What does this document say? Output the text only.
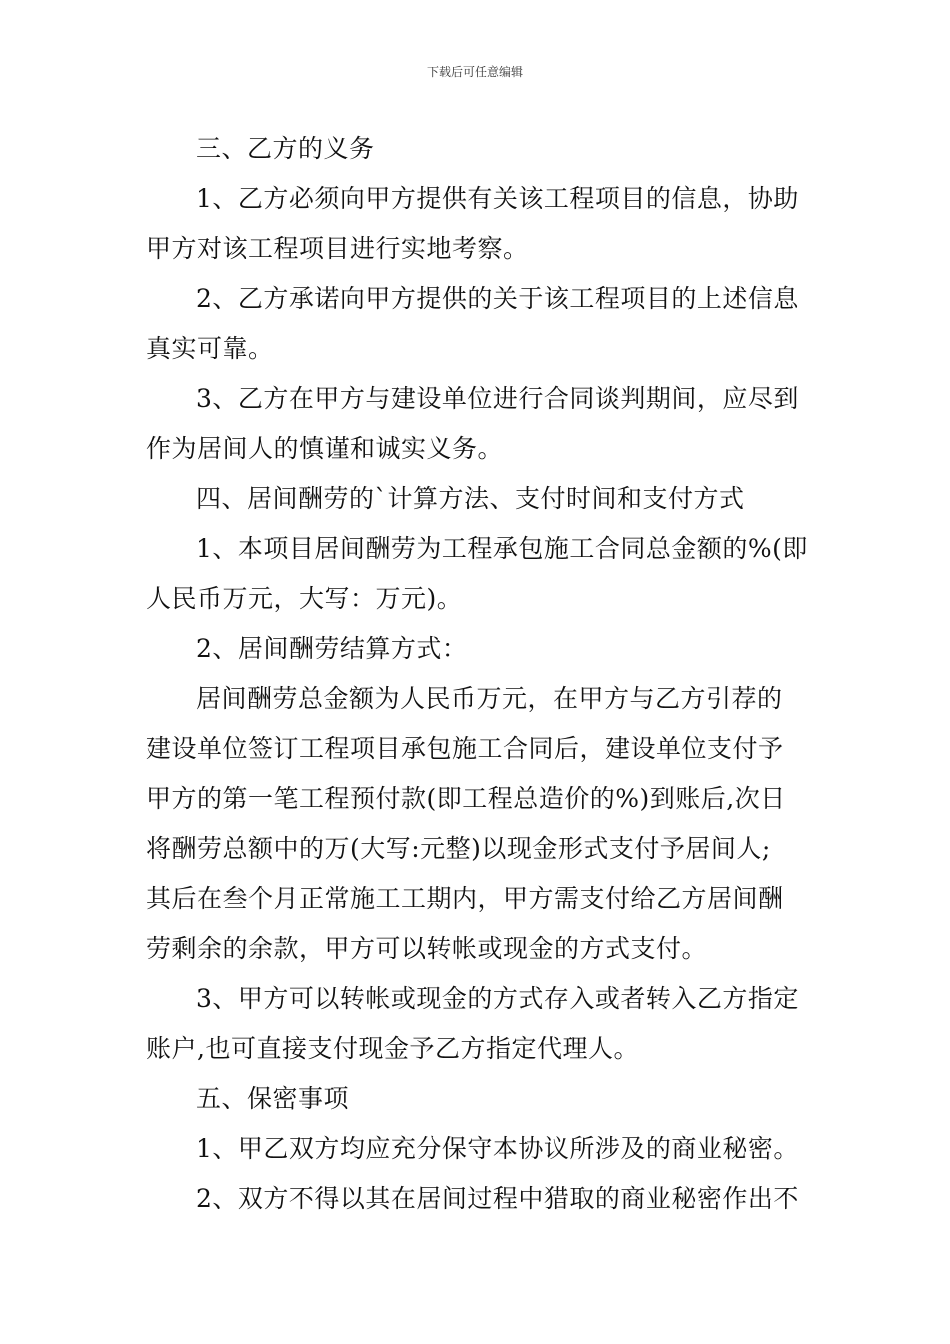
下载后可任意编辑
三、乙方的义务
1、乙方必须向甲方提供有关该工程项目的信息，协助
甲方对该工程项目进行实地考察。
2、乙方承诺向甲方提供的关于该工程项目的上述信息
真实可靠。
3、乙方在甲方与建设单位进行合同谈判期间，应尽到
作为居间人的慎谨和诚实义务。
四、居间酬劳的`计算方法、支付时间和支付方式
1、本项目居间酬劳为工程承包施工合同总金额的%(即
人民币万元，大写：万元)。
2、居间酬劳结算方式：
居间酬劳总金额为人民币万元，在甲方与乙方引荐的
建设单位签订工程项目承包施工合同后，建设单位支付予
甲方的第一笔工程预付款(即工程总造价的%)到账后,次日
将酬劳总额中的万(大写:元整)以现金形式支付予居间人;
其后在叁个月正常施工工期内，甲方需支付给乙方居间酬
劳剩余的余款，甲方可以转帐或现金的方式支付。
3、甲方可以转帐或现金的方式存入或者转入乙方指定
账户,也可直接支付现金予乙方指定代理人。
五、保密事项
1、甲乙双方均应充分保守本协议所涉及的商业秘密。
2、双方不得以其在居间过程中猎取的商业秘密作出不
